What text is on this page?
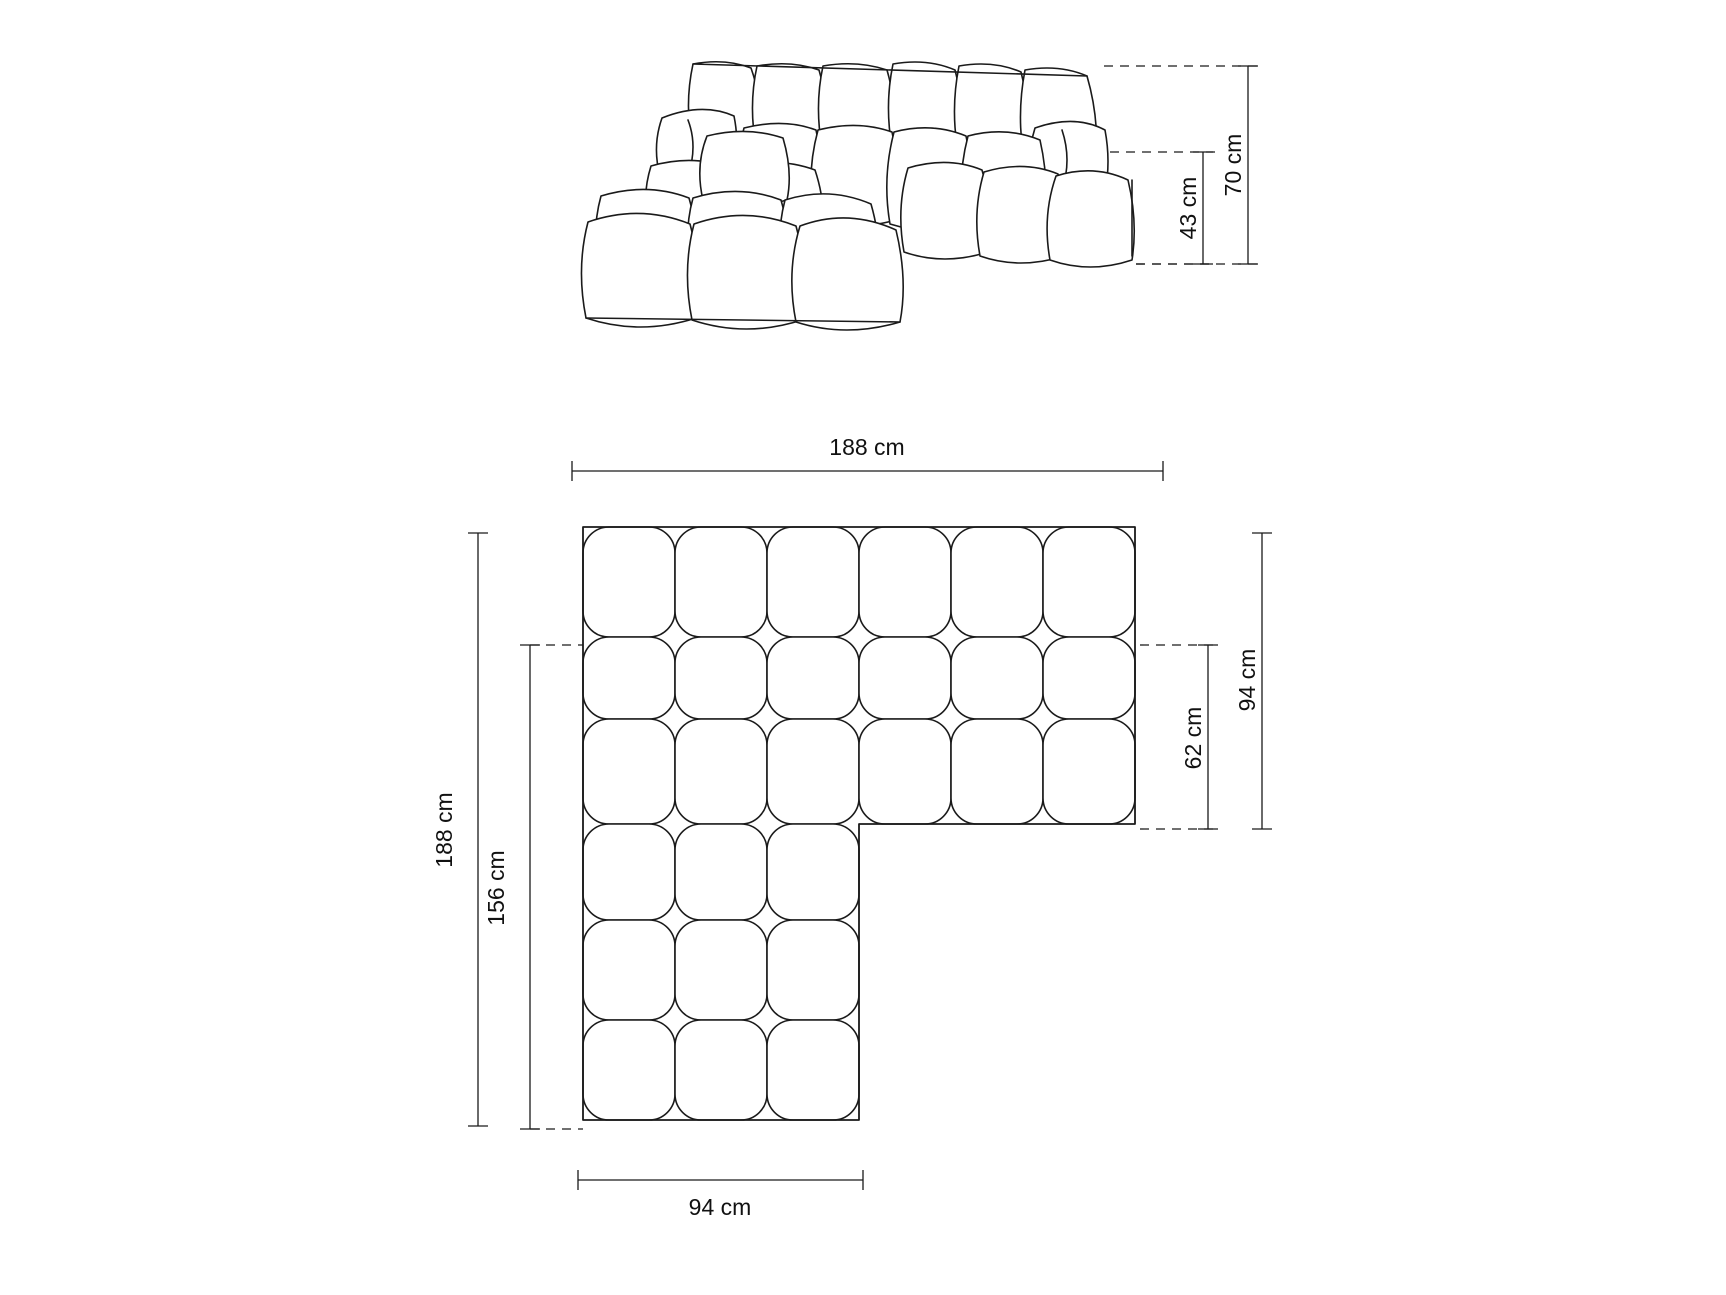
70 cm
43 cm
188 cm
188 cm
156 cm
94 cm
62 cm
94 cm
